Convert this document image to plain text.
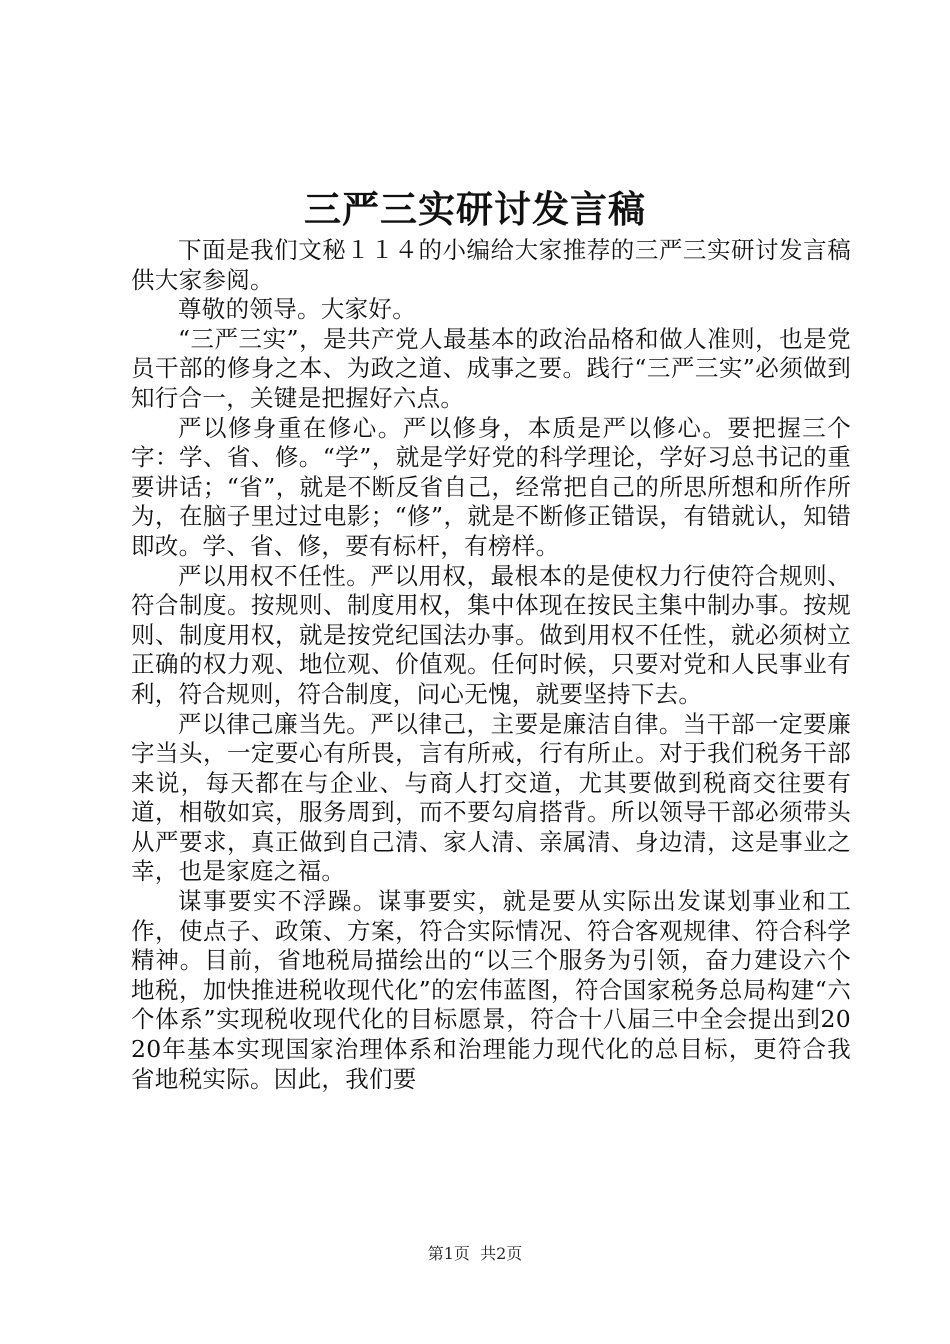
三严三实研讨发言稿

下面是我们文秘１１４的小编给大家推荐的三严三实研讨发言稿供大家参阅。

尊敬的领导。大家好。

“三严三实”，是共产党人最基本的政治品格和做人准则，也是党员干部的修身之本、为政之道、成事之要。践行“三严三实”必须做到知行合一，关键是把握好六点。

严以修身重在修心。严以修身，本质是严以修心。要把握三个字：学、省、修。“学”，就是学好党的科学理论，学好习总书记的重要讲话；“省”，就是不断反省自己，经常把自己的所思所想和所作所为，在脑子里过过电影；“修”，就是不断修正错误，有错就认，知错即改。学、省、修，要有标杆，有榜样。

严以用权不任性。严以用权，最根本的是使权力行使符合规则、符合制度。按规则、制度用权，集中体现在按民主集中制办事。按规则、制度用权，就是按党纪国法办事。做到用权不任性，就必须树立正确的权力观、地位观、价值观。任何时候，只要对党和人民事业有利，符合规则，符合制度，问心无愧，就要坚持下去。

严以律己廉当先。严以律己，主要是廉洁自律。当干部一定要廉字当头，一定要心有所畏，言有所戒，行有所止。对于我们税务干部来说，每天都在与企业、与商人打交道，尤其要做到税商交往要有道，相敬如宾，服务周到，而不要勾肩搭背。所以领导干部必须带头从严要求，真正做到自己清、家人清、亲属清、身边清，这是事业之幸，也是家庭之福。

谋事要实不浮躁。谋事要实，就是要从实际出发谋划事业和工作，使点子、政策、方案，符合实际情况、符合客观规律、符合科学精神。目前，省地税局描绘出的“以三个服务为引领，奋力建设六个地税，加快推进税收现代化”的宏伟蓝图，符合国家税务总局构建“六个体系”实现税收现代化的目标愿景，符合十八届三中全会提出到2020年基本实现国家治理体系和治理能力现代化的总目标，更符合我省地税实际。因此，我们要

第1页 共2页
